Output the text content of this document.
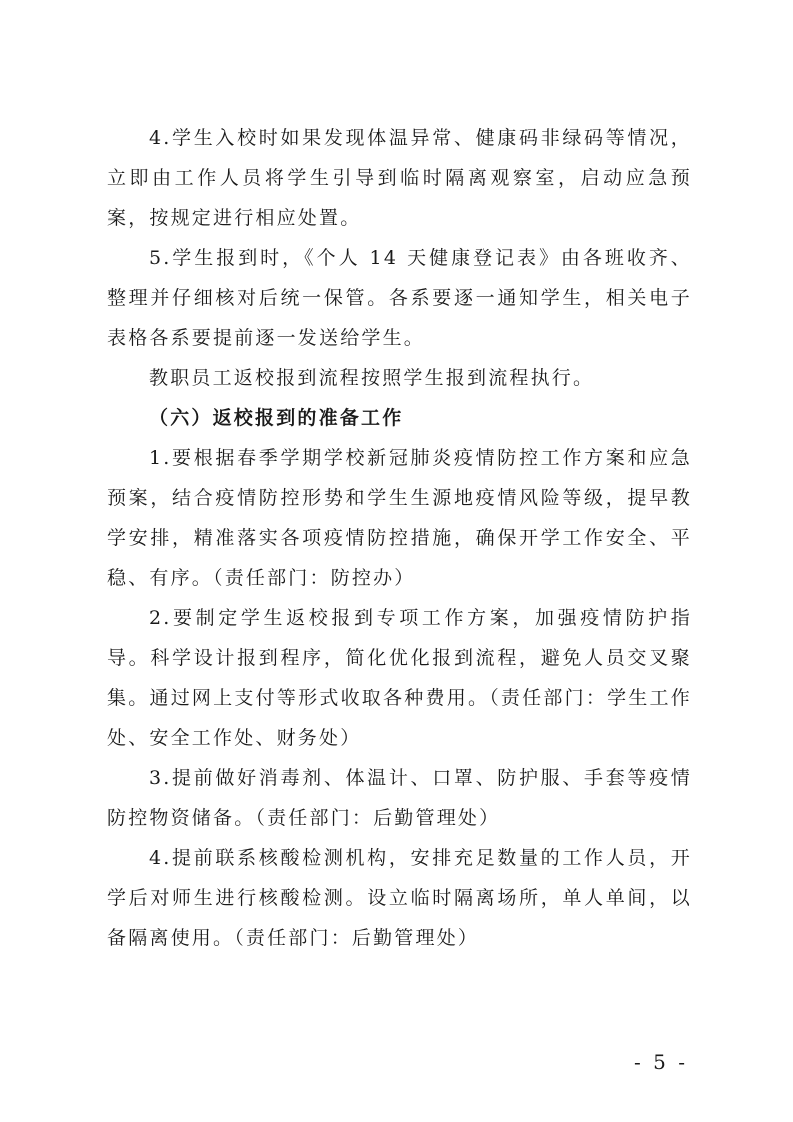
4.学生入校时如果发现体温异常、健康码非绿码等情况，立即由工作人员将学生引导到临时隔离观察室，启动应急预案，按规定进行相应处置。

5.学生报到时，《个人 14 天健康登记表》由各班收齐、整理并仔细核对后统一保管。各系要逐一通知学生，相关电子表格各系要提前逐一发送给学生。

教职员工返校报到流程按照学生报到流程执行。

（六）返校报到的准备工作

1.要根据春季学期学校新冠肺炎疫情防控工作方案和应急预案，结合疫情防控形势和学生生源地疫情风险等级，提早教学安排，精准落实各项疫情防控措施，确保开学工作安全、平稳、有序。（责任部门：防控办）

2.要制定学生返校报到专项工作方案，加强疫情防护指导。科学设计报到程序，简化优化报到流程，避免人员交叉聚集。通过网上支付等形式收取各种费用。（责任部门：学生工作处、安全工作处、财务处）

3.提前做好消毒剂、体温计、口罩、防护服、手套等疫情防控物资储备。（责任部门：后勤管理处）

4.提前联系核酸检测机构，安排充足数量的工作人员，开学后对师生进行核酸检测。设立临时隔离场所，单人单间，以备隔离使用。（责任部门：后勤管理处）

- 5 -
